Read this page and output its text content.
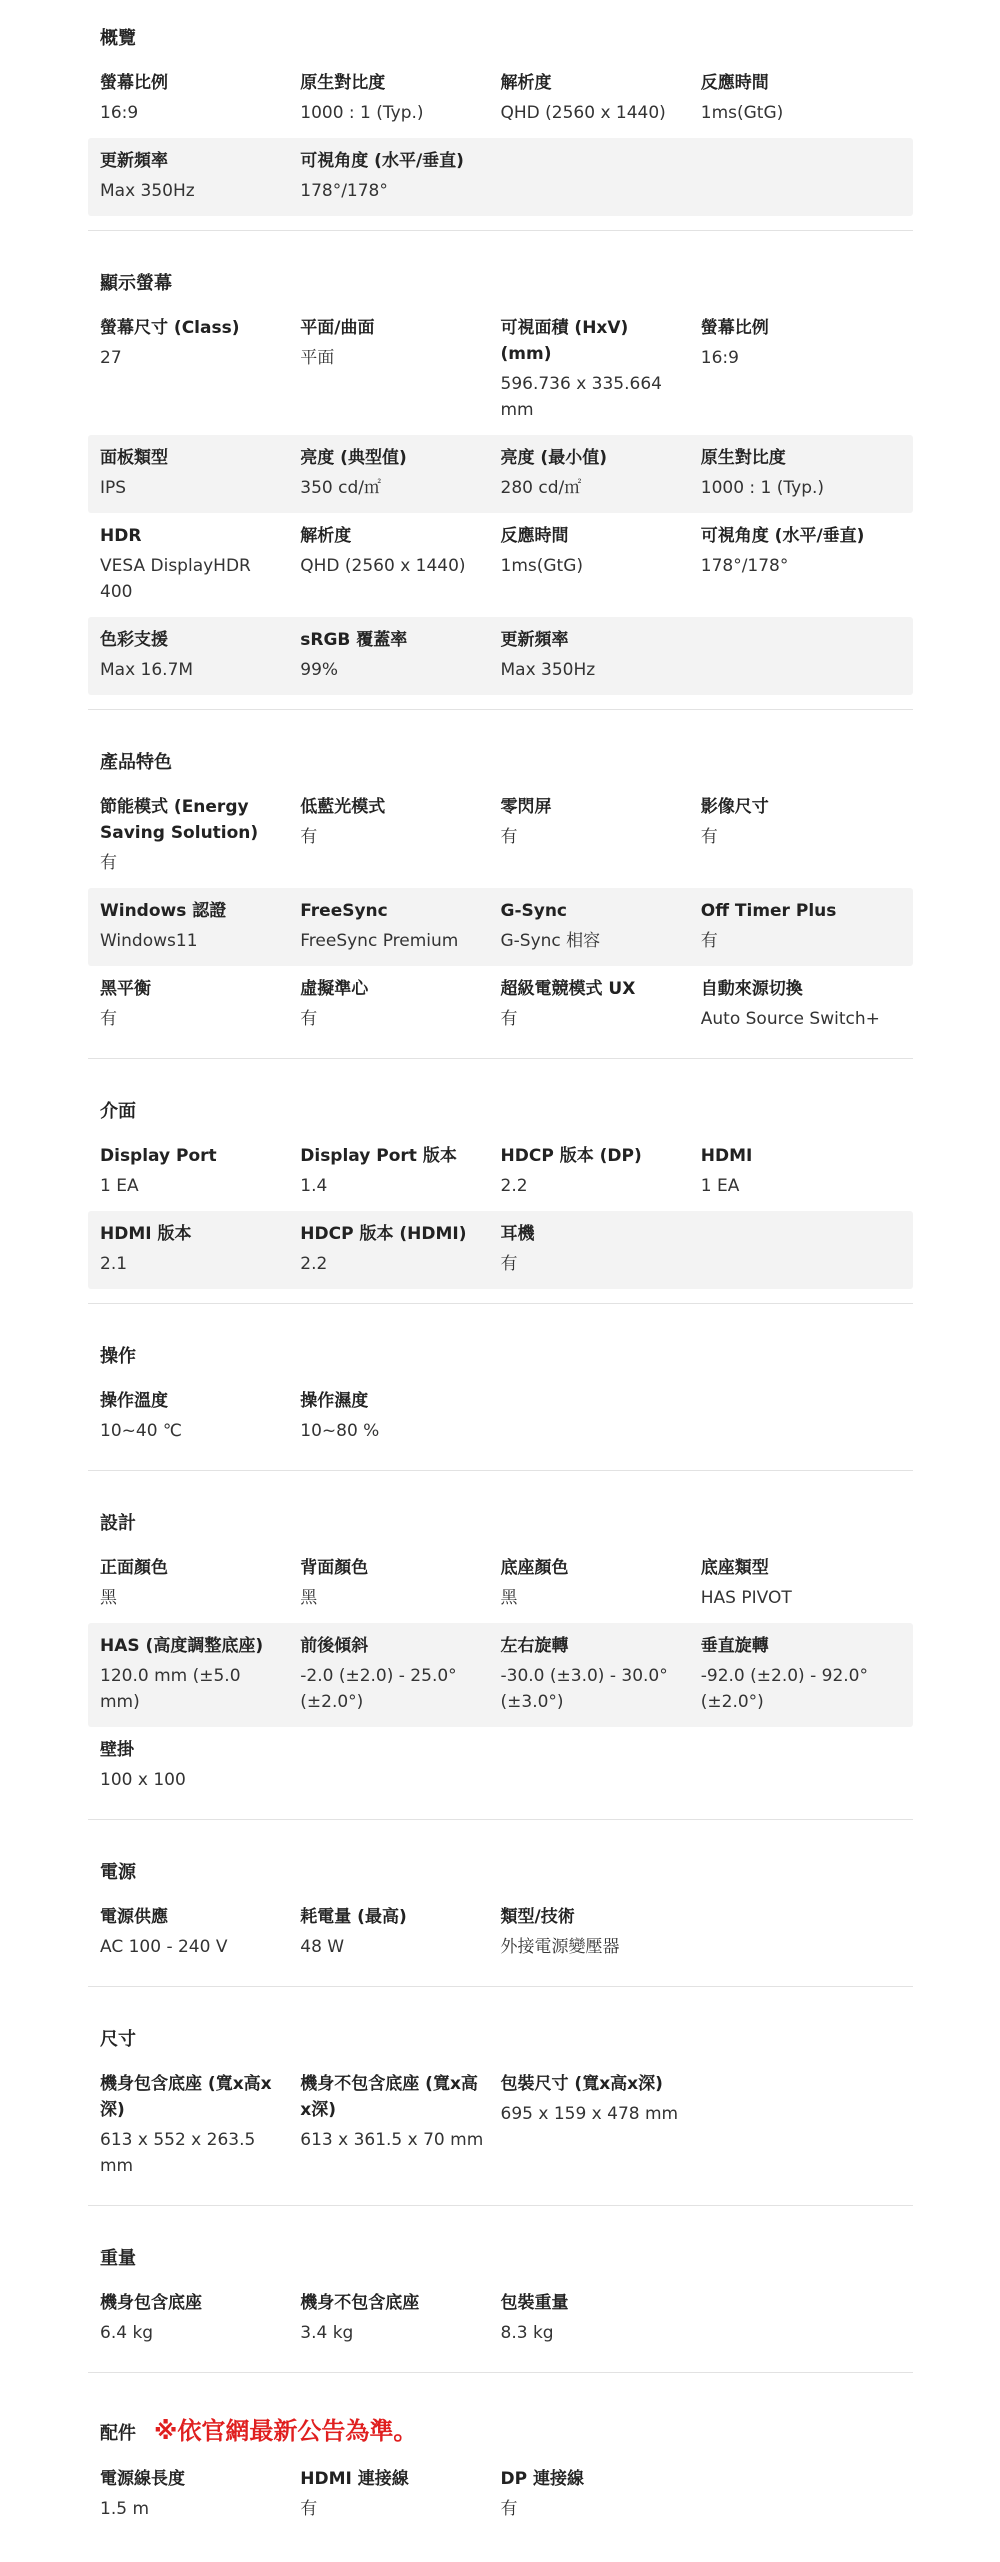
概覽
螢幕比例
16:9
原生對比度
1000 : 1 (Typ.)
解析度
QHD (2560 x 1440)
反應時間
1ms(GtG)
更新頻率
Max 350Hz
可視角度 (水平/垂直)
178°/178°
顯示螢幕
螢幕尺寸 (Class)
27
平面/曲面
平面
可視面積 (HxV) (mm)
596.736 x 335.664 mm
螢幕比例
16:9
面板類型
IPS
亮度 (典型值)
350 cd/㎡
亮度 (最小值)
280 cd/㎡
原生對比度
1000 : 1 (Typ.)
HDR
VESA DisplayHDR 400
解析度
QHD (2560 x 1440)
反應時間
1ms(GtG)
可視角度 (水平/垂直)
178°/178°
色彩支援
Max 16.7M
sRGB 覆蓋率
99%
更新頻率
Max 350Hz
產品特色
節能模式 (Energy Saving Solution)
有
低藍光模式
有
零閃屏
有
影像尺寸
有
Windows 認證
Windows11
FreeSync
FreeSync Premium
G-Sync
G-Sync 相容
Off Timer Plus
有
黑平衡
有
虛擬準心
有
超級電競模式 UX
有
自動來源切換
Auto Source Switch+
介面
Display Port
1 EA
Display Port 版本
1.4
HDCP 版本 (DP)
2.2
HDMI
1 EA
HDMI 版本
2.1
HDCP 版本 (HDMI)
2.2
耳機
有
操作
操作溫度
10~40 ℃
操作濕度
10~80 %
設計
正面顏色
黑
背面顏色
黑
底座顏色
黑
底座類型
HAS PIVOT
HAS (高度調整底座)
120.0 mm (±5.0 mm)
前後傾斜
-2.0 (±2.0) - 25.0° (±2.0°)
左右旋轉
-30.0 (±3.0) - 30.0° (±3.0°)
垂直旋轉
-92.0 (±2.0) - 92.0° (±2.0°)
壁掛
100 x 100
電源
電源供應
AC 100 - 240 V
耗電量 (最高)
48 W
類型/技術
外接電源變壓器
尺寸
機身包含底座 (寬x高x深)
613 x 552 x 263.5 mm
機身不包含底座 (寬x高x深)
613 x 361.5 x 70 mm
包裝尺寸 (寬x高x深)
695 x 159 x 478 mm
重量
機身包含底座
6.4 kg
機身不包含底座
3.4 kg
包裝重量
8.3 kg
配件 ※依官網最新公告為準。
電源線長度
1.5 m
HDMI 連接線
有
DP 連接線
有
